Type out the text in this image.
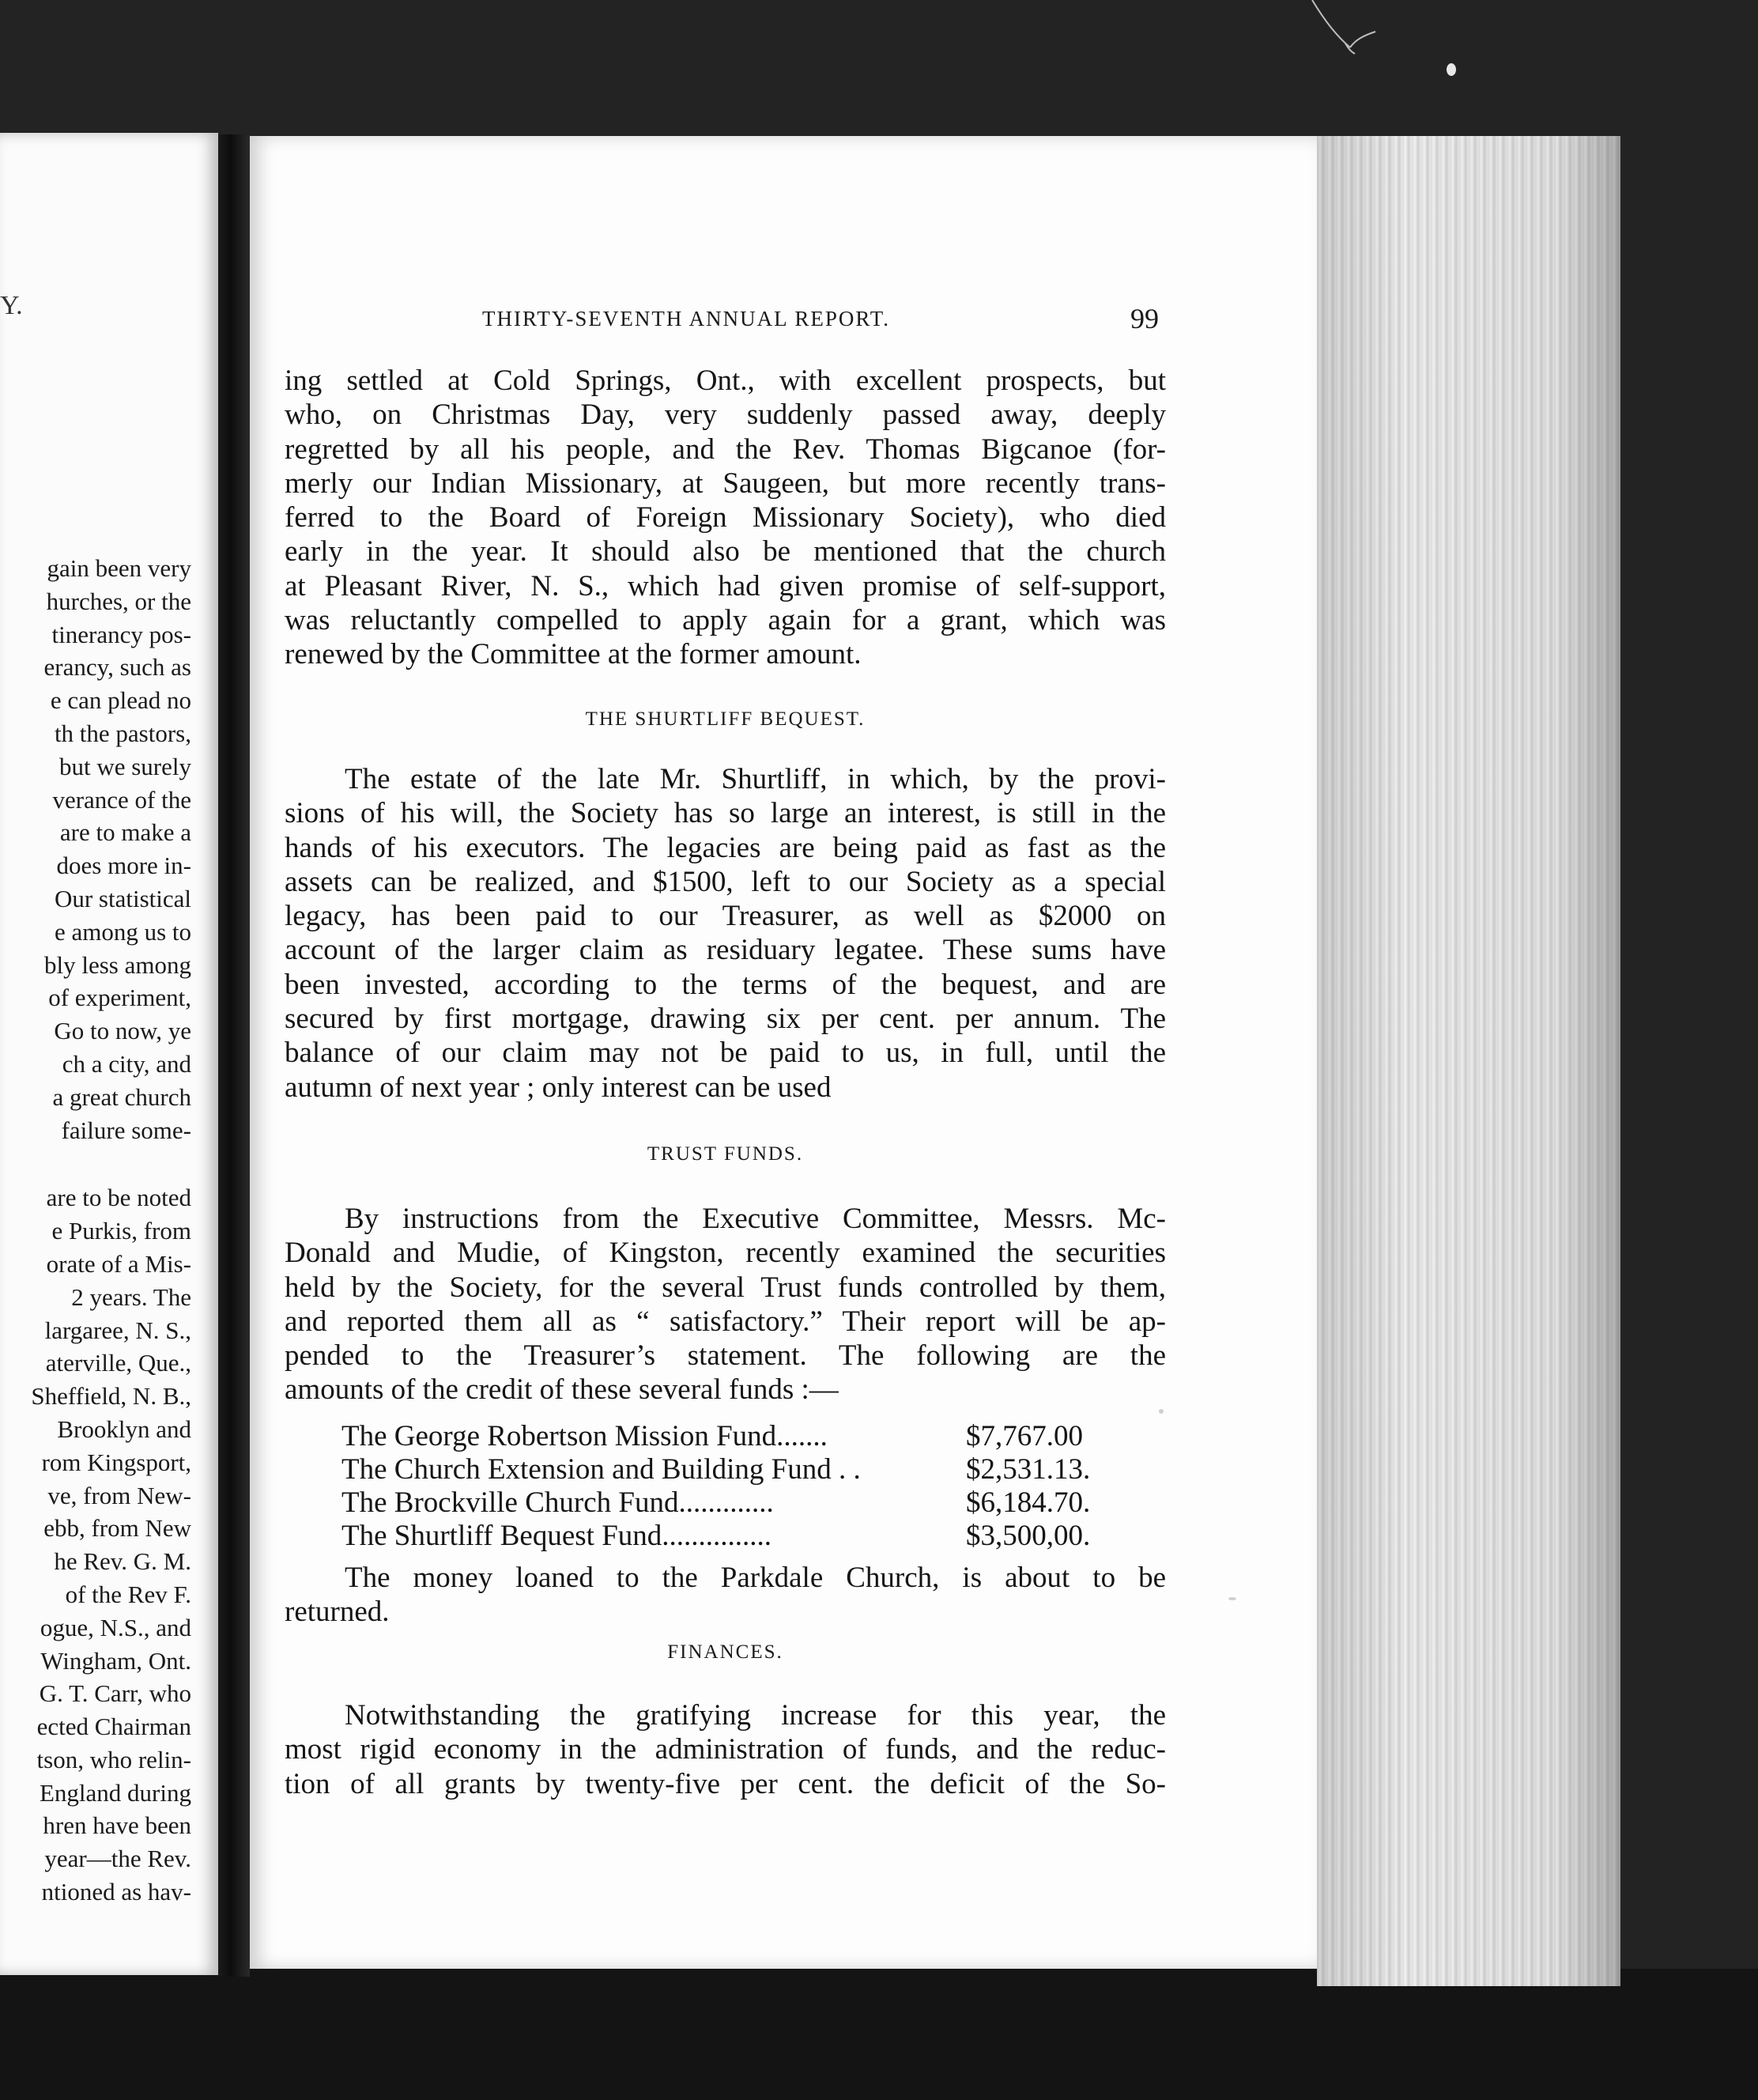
Y.
gain been very
hurches, or the
tinerancy pos-
erancy, such as
e can plead no
th the pastors,
but we surely
verance of the
are to make a
does more in-
Our statistical
e among us to
bly less among
of experiment,
Go to now, ye
ch a city, and
a great church
failure some-
are to be noted
e Purkis, from
orate of a Mis-
2 years. The
largaree, N. S.,
aterville, Que.,
Sheffield, N. B.,
Brooklyn and
rom Kingsport,
ve, from New-
ebb, from New
he Rev. G. M.
of the Rev F.
ogue, N.S., and
Wingham, Ont.
G. T. Carr, who
ected Chairman
tson, who relin-
England during
hren have been
year—the Rev.
ntioned as hav-
THIRTY-SEVENTH ANNUAL REPORT.	99
ing settled at Cold Springs, Ont., with excellent prospects, but
who, on Christmas Day, very suddenly passed away, deeply
regretted by all his people, and the Rev. Thomas Bigcanoe (for-
merly our Indian Missionary, at Saugeen, but more recently trans-
ferred to the Board of Foreign Missionary Society), who died
early in the year. It should also be mentioned that the church
at Pleasant River, N. S., which had given promise of self-support,
was reluctantly compelled to apply again for a grant, which was
renewed by the Committee at the former amount.
THE SHURTLIFF BEQUEST.
The estate of the late Mr. Shurtliff, in which, by the provi-
sions of his will, the Society has so large an interest, is still in the
hands of his executors. The legacies are being paid as fast as the
assets can be realized, and $1500, left to our Society as a special
legacy, has been paid to our Treasurer, as well as $2000 on
account of the larger claim as residuary legatee. These sums have
been invested, according to the terms of the bequest, and are
secured by first mortgage, drawing six per cent. per annum. The
balance of our claim may not be paid to us, in full, until the
autumn of next year ; only interest can be used
TRUST FUNDS.
By instructions from the Executive Committee, Messrs. Mc-
Donald and Mudie, of Kingston, recently examined the securities
held by the Society, for the several Trust funds controlled by them,
and reported them all as “ satisfactory.” Their report will be ap-
pended to the Treasurer’s statement. The following are the
amounts of the credit of these several funds :—
The George Robertson Mission Fund.......	$7,767.00
The Church Extension and Building Fund . .	$2,531.13.
The Brockville Church Fund.............	$6,184.70.
The Shurtliff Bequest Fund...............	$3,500,00.
The money loaned to the Parkdale Church, is about to be
returned.
FINANCES.
Notwithstanding the gratifying increase for this year, the
most rigid economy in the administration of funds, and the reduc-
tion of all grants by twenty-five per cent. the deficit of the So-
